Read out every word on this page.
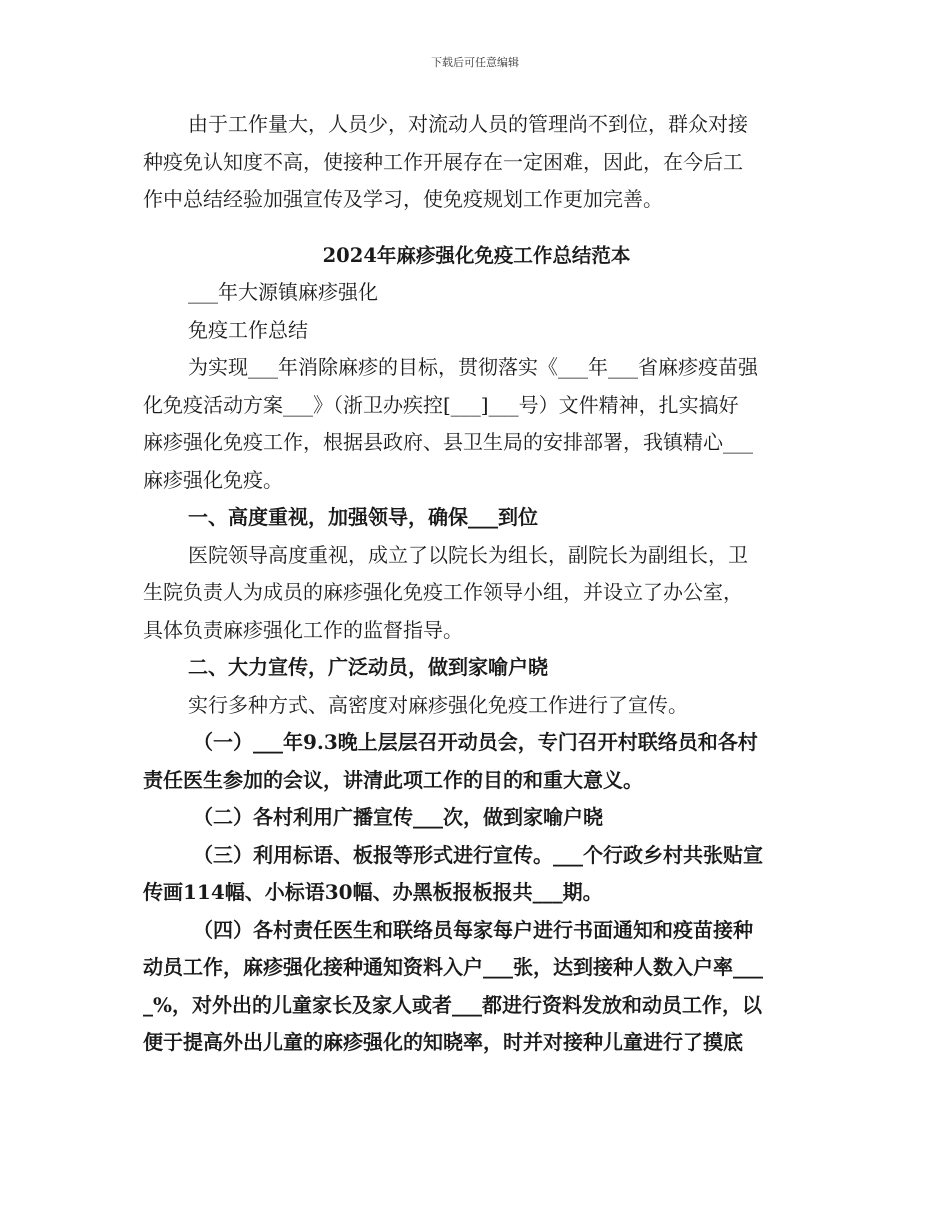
下载后可任意编辑
由于工作量大，人员少，对流动人员的管理尚不到位，群众对接
种疫免认知度不高，使接种工作开展存在一定困难，因此，在今后工
作中总结经验加强宣传及学习，使免疫规划工作更加完善。
2024年麻疹强化免疫工作总结范本
___年大源镇麻疹强化
免疫工作总结
为实现___年消除麻疹的目标，贯彻落实《___年___省麻疹疫苗强
化免疫活动方案___》（浙卫办疾控[___]___号）文件精神，扎实搞好
麻疹强化免疫工作，根据县政府、县卫生局的安排部署，我镇精心___
麻疹强化免疫。
一、高度重视，加强领导，确保___到位
医院领导高度重视，成立了以院长为组长，副院长为副组长，卫
生院负责人为成员的麻疹强化免疫工作领导小组，并设立了办公室，
具体负责麻疹强化工作的监督指导。
二、大力宣传，广泛动员，做到家喻户晓
实行多种方式、高密度对麻疹强化免疫工作进行了宣传。
（一）___年9.3晚上层层召开动员会，专门召开村联络员和各村
责任医生参加的会议，讲清此项工作的目的和重大意义。
（二）各村利用广播宣传___次，做到家喻户晓
（三）利用标语、板报等形式进行宣传。___个行政乡村共张贴宣
传画114幅、小标语30幅、办黑板报板报共___期。
（四）各村责任医生和联络员每家每户进行书面通知和疫苗接种
动员工作，麻疹强化接种通知资料入户___张，达到接种人数入户率___
_%，对外出的儿童家长及家人或者___都进行资料发放和动员工作，以
便于提高外出儿童的麻疹强化的知晓率，时并对接种儿童进行了摸底
